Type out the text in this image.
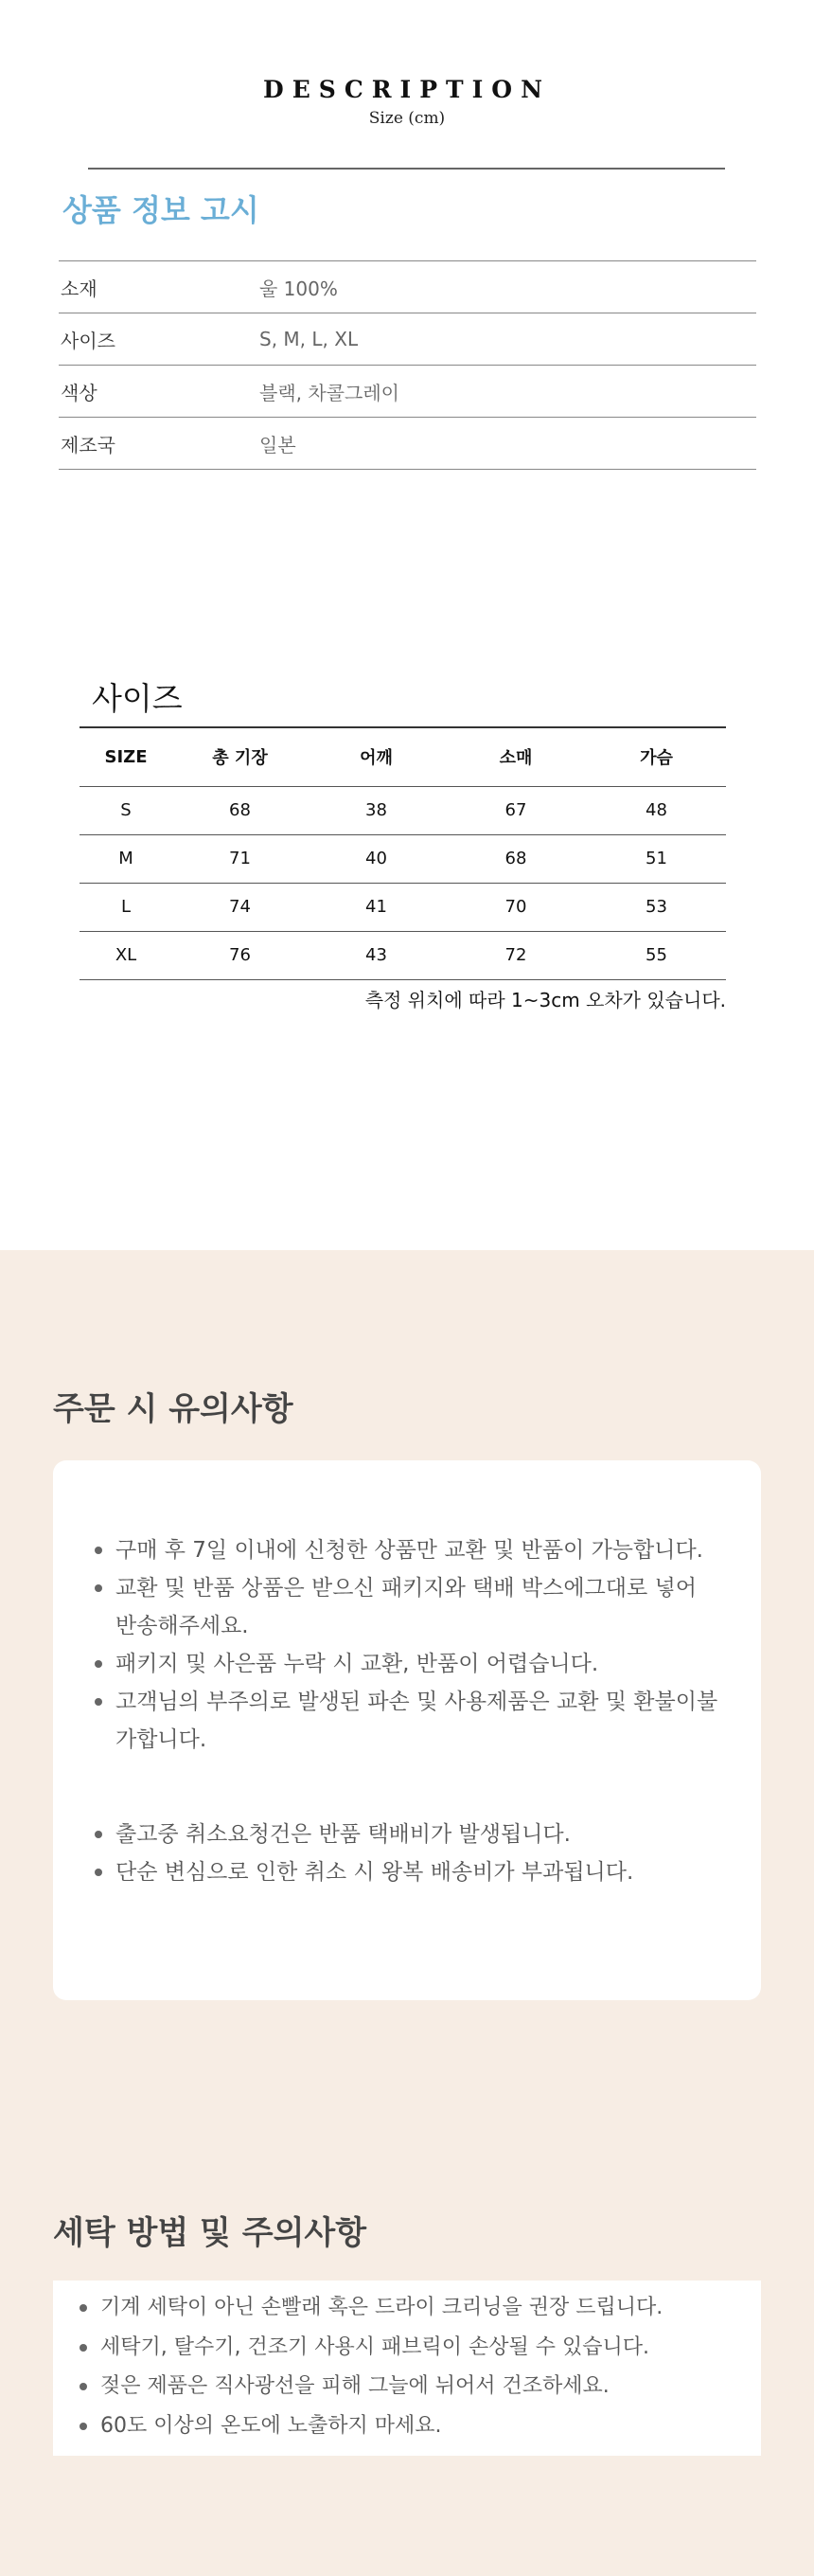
DESCRIPTION
Size (cm)
상품 정보 고시
소재	울 100%
사이즈	S, M, L, XL
색상	블랙, 차콜그레이
제조국	일본
사이즈
SIZE	총 기장	어깨	소매	가슴
S	68	38	67	48
M	71	40	68	51
L	74	41	70	53
XL	76	43	72	55
측정 위치에 따라 1~3cm 오차가 있습니다.
주문 시 유의사항
구매 후 7일 이내에 신청한 상품만 교환 및 반품이 가능합니다.
교환 및 반품 상품은 받으신 패키지와 택배 박스에그대로 넣어 반송해주세요.
패키지 및 사은품 누락 시 교환, 반품이 어렵습니다.
고객님의 부주의로 발생된 파손 및 사용제품은 교환 및 환불이불가합니다.
출고중 취소요청건은 반품 택배비가 발생됩니다.
단순 변심으로 인한 취소 시 왕복 배송비가 부과됩니다.
세탁 방법 및 주의사항
기계 세탁이 아닌 손빨래 혹은 드라이 크리닝을 권장 드립니다.
세탁기, 탈수기, 건조기 사용시 패브릭이 손상될 수 있습니다.
젖은 제품은 직사광선을 피해 그늘에 뉘어서 건조하세요.
60도 이상의 온도에 노출하지 마세요.
